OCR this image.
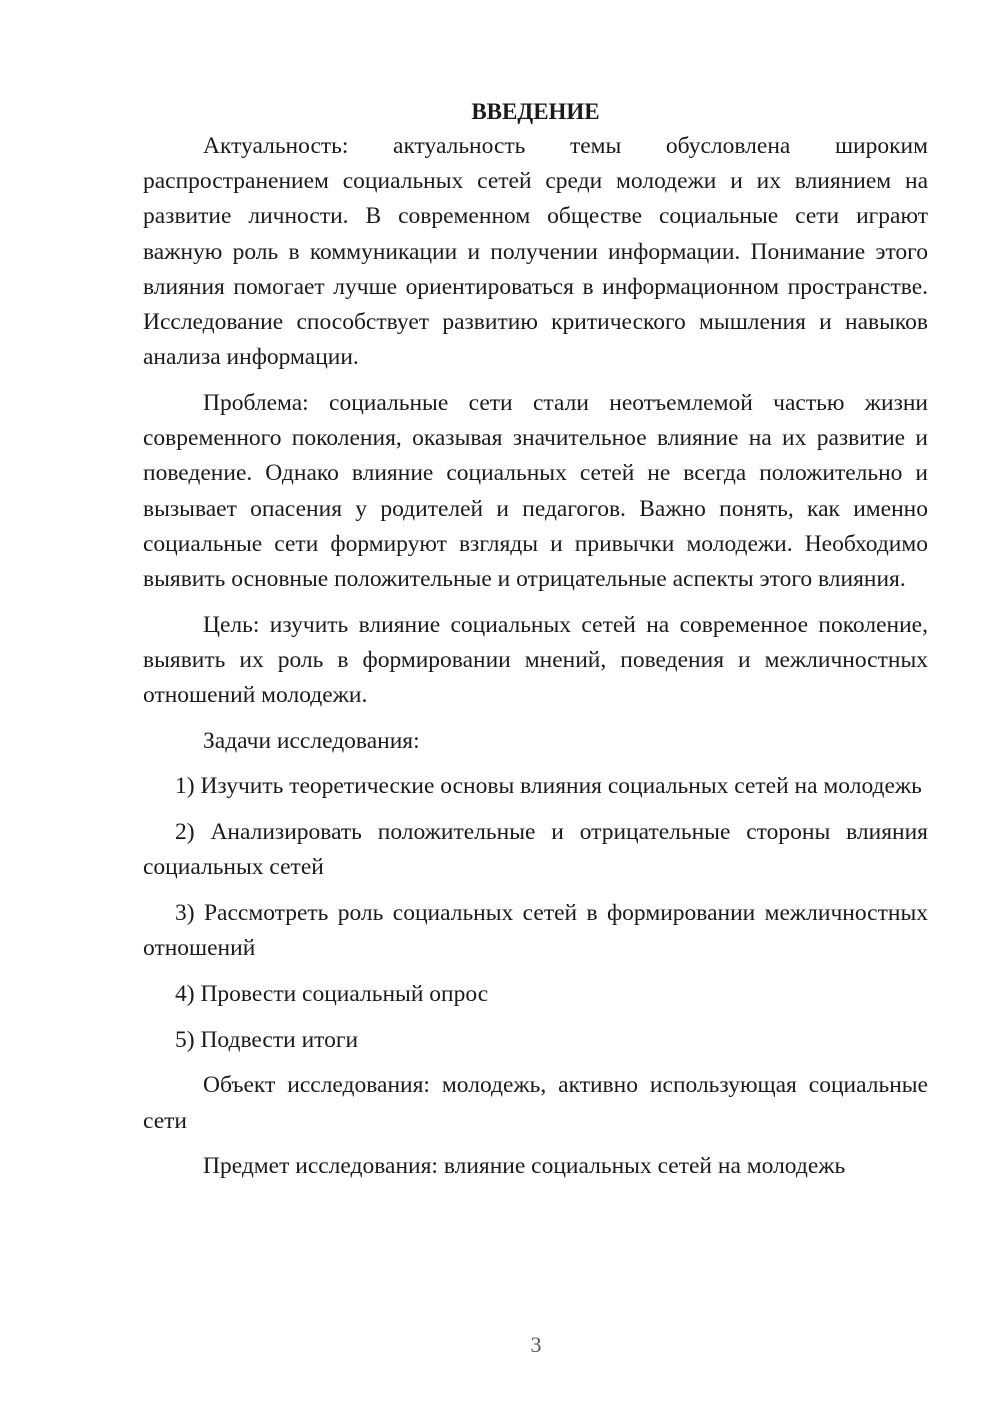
ВВЕДЕНИЕ

Актуальность: актуальность темы обусловлена широким распространением социальных сетей среди молодежи и их влиянием на развитие личности. В современном обществе социальные сети играют важную роль в коммуникации и получении информации. Понимание этого влияния помогает лучше ориентироваться в информационном пространстве. Исследование способствует развитию критического мышления и навыков анализа информации.

Проблема: социальные сети стали неотъемлемой частью жизни современного поколения, оказывая значительное влияние на их развитие и поведение. Однако влияние социальных сетей не всегда положительно и вызывает опасения у родителей и педагогов. Важно понять, как именно социальные сети формируют взгляды и привычки молодежи. Необходимо выявить основные положительные и отрицательные аспекты этого влияния.

Цель: изучить влияние социальных сетей на современное поколение, выявить их роль в формировании мнений, поведения и межличностных отношений молодежи.

Задачи исследования:

1) Изучить теоретические основы влияния социальных сетей на молодежь

2) Анализировать положительные и отрицательные стороны влияния социальных сетей

3) Рассмотреть роль социальных сетей в формировании межличностных отношений

4) Провести социальный опрос

5) Подвести итоги

Объект исследования: молодежь, активно использующая социальные сети

Предмет исследования: влияние социальных сетей на молодежь

3
